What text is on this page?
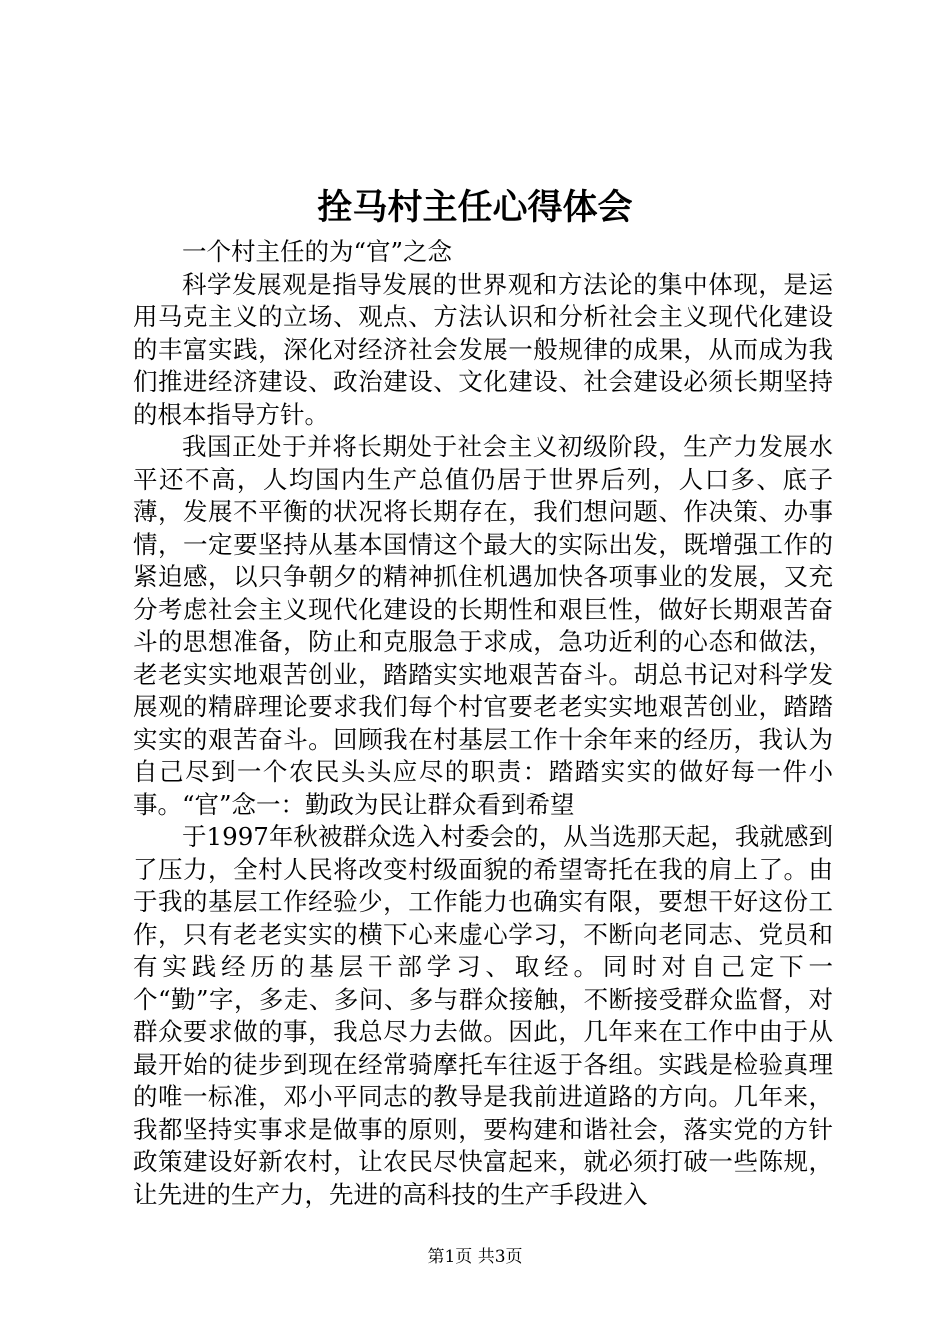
拴马村主任心得体会

一个村主任的为“官”之念

科学发展观是指导发展的世界观和方法论的集中体现，是运用马克主义的立场、观点、方法认识和分析社会主义现代化建设的丰富实践，深化对经济社会发展一般规律的成果，从而成为我们推进经济建设、政治建设、文化建设、社会建设必须长期坚持的根本指导方针。

我国正处于并将长期处于社会主义初级阶段，生产力发展水平还不高，人均国内生产总值仍居于世界后列，人口多、底子薄，发展不平衡的状况将长期存在，我们想问题、作决策、办事情，一定要坚持从基本国情这个最大的实际出发，既增强工作的紧迫感，以只争朝夕的精神抓住机遇加快各项事业的发展，又充分考虑社会主义现代化建设的长期性和艰巨性，做好长期艰苦奋斗的思想准备，防止和克服急于求成，急功近利的心态和做法，老老实实地艰苦创业，踏踏实实地艰苦奋斗。胡总书记对科学发展观的精辟理论要求我们每个村官要老老实实地艰苦创业，踏踏实实的艰苦奋斗。回顾我在村基层工作十余年来的经历，我认为自己尽到一个农民头头应尽的职责：踏踏实实的做好每一件小事。“官”念一：勤政为民让群众看到希望

于1997年秋被群众选入村委会的，从当选那天起，我就感到了压力，全村人民将改变村级面貌的希望寄托在我的肩上了。由于我的基层工作经验少，工作能力也确实有限，要想干好这份工作，只有老老实实的横下心来虚心学习，不断向老同志、党员和有实践经历的基层干部学习、取经。同时对自己定下一个“勤”字，多走、多问、多与群众接触，不断接受群众监督，对群众要求做的事，我总尽力去做。因此，几年来在工作中由于从最开始的徒步到现在经常骑摩托车往返于各组。实践是检验真理的唯一标准，邓小平同志的教导是我前进道路的方向。几年来，我都坚持实事求是做事的原则，要构建和谐社会，落实党的方针政策建设好新农村，让农民尽快富起来，就必须打破一些陈规，让先进的生产力，先进的高科技的生产手段进入

第1页 共3页
